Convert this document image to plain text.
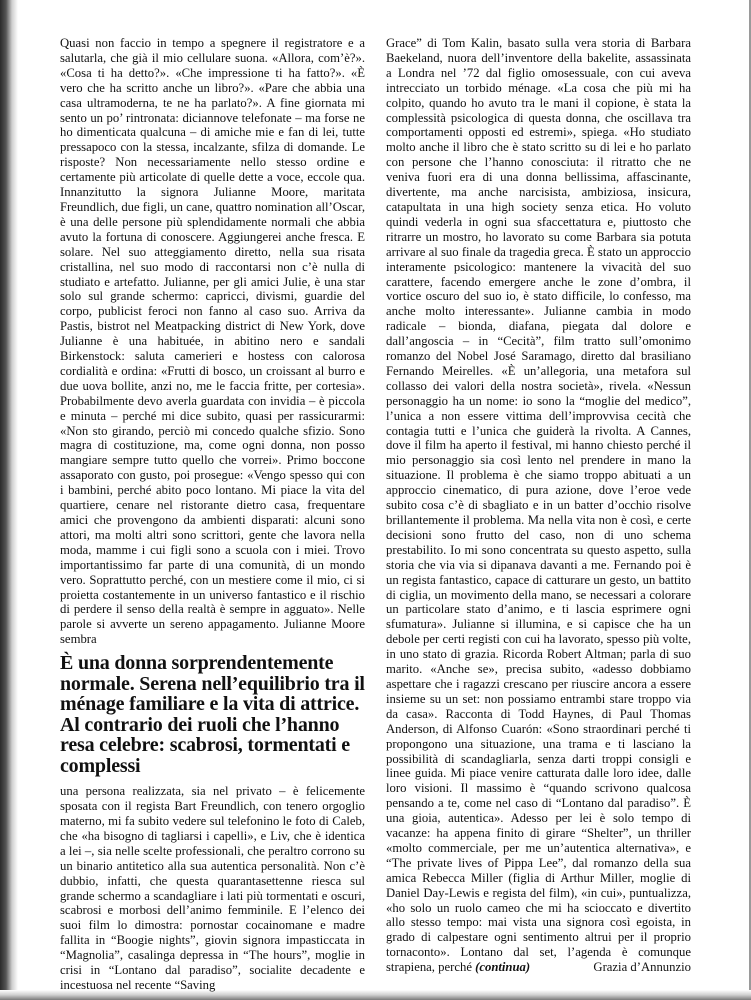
Quasi non faccio in tempo a spegnere il registratore e a salutarla, che già il mio cellulare suona. «Allora, com’è?». «Cosa ti ha detto?». «Che impressione ti ha fatto?». «È vero che ha scritto anche un libro?». «Pare che abbia una casa ultramoderna, te ne ha parlato?». A fine giornata mi sento un po’ rintronata: diciannove telefonate – ma forse ne ho dimenticata qualcuna – di amiche mie e fan di lei, tutte pressapoco con la stessa, incalzante, sfilza di domande. Le risposte? Non necessariamente nello stesso ordine e certamente più articolate di quelle dette a voce, eccole qua. Innanzitutto la signora Julianne Moore, maritata Freundlich, due figli, un cane, quattro nomination all’Oscar, è una delle persone più splendidamente normali che abbia avuto la fortuna di conoscere. Aggiungerei anche fresca. E solare. Nel suo atteggiamento diretto, nella sua risata cristallina, nel suo modo di raccontarsi non c’è nulla di studiato e artefatto. Julianne, per gli amici Julie, è una star solo sul grande schermo: capricci, divismi, guardie del corpo, publicist feroci non fanno al caso suo. Arriva da Pastis, bistrot nel Meatpacking district di New York, dove Julianne è una habituée, in abitino nero e sandali Birkenstock: saluta camerieri e hostess con calorosa cordialità e ordina: «Frutti di bosco, un croissant al burro e due uova bollite, anzi no, me le faccia fritte, per cortesia». Probabilmente devo averla guardata con invidia – è piccola e minuta – perché mi dice subito, quasi per rassicurarmi: «Non sto girando, perciò mi concedo qualche sfizio. Sono magra di costituzione, ma, come ogni donna, non posso mangiare sempre tutto quello che vorrei». Primo boccone assaporato con gusto, poi prosegue: «Vengo spesso qui con i bambini, perché abito poco lontano. Mi piace la vita del quartiere, cenare nel ristorante dietro casa, frequentare amici che provengono da ambienti disparati: alcuni sono attori, ma molti altri sono scrittori, gente che lavora nella moda, mamme i cui figli sono a scuola con i miei. Trovo importantissimo far parte di una comunità, di un mondo vero. Soprattutto perché, con un mestiere come il mio, ci si proietta costantemente in un universo fantastico e il rischio di perdere il senso della realtà è sempre in agguato». Nelle parole si avverte un sereno appagamento. Julianne Moore sembra

È una donna sorprendentemente normale. Serena nell’equilibrio tra il ménage familiare e la vita di attrice. Al contrario dei ruoli che l’hanno resa celebre: scabrosi, tormentati e complessi

una persona realizzata, sia nel privato – è felicemente sposata con il regista Bart Freundlich, con tenero orgoglio materno, mi fa subito vedere sul telefonino le foto di Caleb, che «ha bisogno di tagliarsi i capelli», e Liv, che è identica a lei –, sia nelle scelte professionali, che peraltro corrono su un binario antitetico alla sua autentica personalità. Non c’è dubbio, infatti, che questa quarantasettenne riesca sul grande schermo a scandagliare i lati più tormentati e oscuri, scabrosi e morbosi dell’animo femminile. E l’elenco dei suoi film lo dimostra: pornostar cocainomane e madre fallita in “Boogie nights”, giovin signora impasticcata in “Magnolia”, casalinga depressa in “The hours”, moglie in crisi in “Lontano dal paradiso”, socialite decadente e incestuosa nel recente “Saving

Grace” di Tom Kalin, basato sulla vera storia di Barbara Baekeland, nuora dell’inventore della bakelite, assassinata a Londra nel ’72 dal figlio omosessuale, con cui aveva intrecciato un torbido ménage. «La cosa che più mi ha colpito, quando ho avuto tra le mani il copione, è stata la complessità psicologica di questa donna, che oscillava tra comportamenti opposti ed estremi», spiega. «Ho studiato molto anche il libro che è stato scritto su di lei e ho parlato con persone che l’hanno conosciuta: il ritratto che ne veniva fuori era di una donna bellissima, affascinante, divertente, ma anche narcisista, ambiziosa, insicura, catapultata in una high society senza etica. Ho voluto quindi vederla in ogni sua sfaccettatura e, piuttosto che ritrarre un mostro, ho lavorato su come Barbara sia potuta arrivare al suo finale da tragedia greca. È stato un approccio interamente psicologico: mantenere la vivacità del suo carattere, facendo emergere anche le zone d’ombra, il vortice oscuro del suo io, è stato difficile, lo confesso, ma anche molto interessante». Julianne cambia in modo radicale – bionda, diafana, piegata dal dolore e dall’angoscia – in “Cecità”, film tratto sull’omonimo romanzo del Nobel José Saramago, diretto dal brasiliano Fernando Meirelles. «È un’allegoria, una metafora sul collasso dei valori della nostra società», rivela. «Nessun personaggio ha un nome: io sono la “moglie del medico”, l’unica a non essere vittima dell’improvvisa cecità che contagia tutti e l’unica che guiderà la rivolta. A Cannes, dove il film ha aperto il festival, mi hanno chiesto perché il mio personaggio sia così lento nel prendere in mano la situazione. Il problema è che siamo troppo abituati a un approccio cinematico, di pura azione, dove l’eroe vede subito cosa c’è di sbagliato e in un batter d’occhio risolve brillantemente il problema. Ma nella vita non è così, e certe decisioni sono frutto del caso, non di uno schema prestabilito. Io mi sono concentrata su questo aspetto, sulla storia che via via si dipanava davanti a me. Fernando poi è un regista fantastico, capace di catturare un gesto, un battito di ciglia, un movimento della mano, se necessari a colorare un particolare stato d’animo, e ti lascia esprimere ogni sfumatura». Julianne si illumina, e si capisce che ha un debole per certi registi con cui ha lavorato, spesso più volte, in uno stato di grazia. Ricorda Robert Altman; parla di suo marito. «Anche se», precisa subito, «adesso dobbiamo aspettare che i ragazzi crescano per riuscire ancora a essere insieme su un set: non possiamo entrambi stare troppo via da casa». Racconta di Todd Haynes, di Paul Thomas Anderson, di Alfonso Cuarón: «Sono straordinari perché ti propongono una situazione, una trama e ti lasciano la possibilità di scandagliarla, senza darti troppi consigli e linee guida. Mi piace venire catturata dalle loro idee, dalle loro visioni. Il massimo è “quando scrivono qualcosa pensando a te, come nel caso di “Lontano dal paradiso”. È una gioia, autentica». Adesso per lei è solo tempo di vacanze: ha appena finito di girare “Shelter”, un thriller «molto commerciale, per me un’autentica alternativa», e “The private lives of Pippa Lee”, dal romanzo della sua amica Rebecca Miller (figlia di Arthur Miller, moglie di Daniel Day-Lewis e regista del film), «in cui», puntualizza, «ho solo un ruolo cameo che mi ha scioccato e divertito allo stesso tempo: mai vista una signora così egoista, in grado di calpestare ogni sentimento altrui per il proprio tornaconto». Lontano dal set, l’agenda è comunque strapiena, perché (continua)	Grazia d’Annunzio
